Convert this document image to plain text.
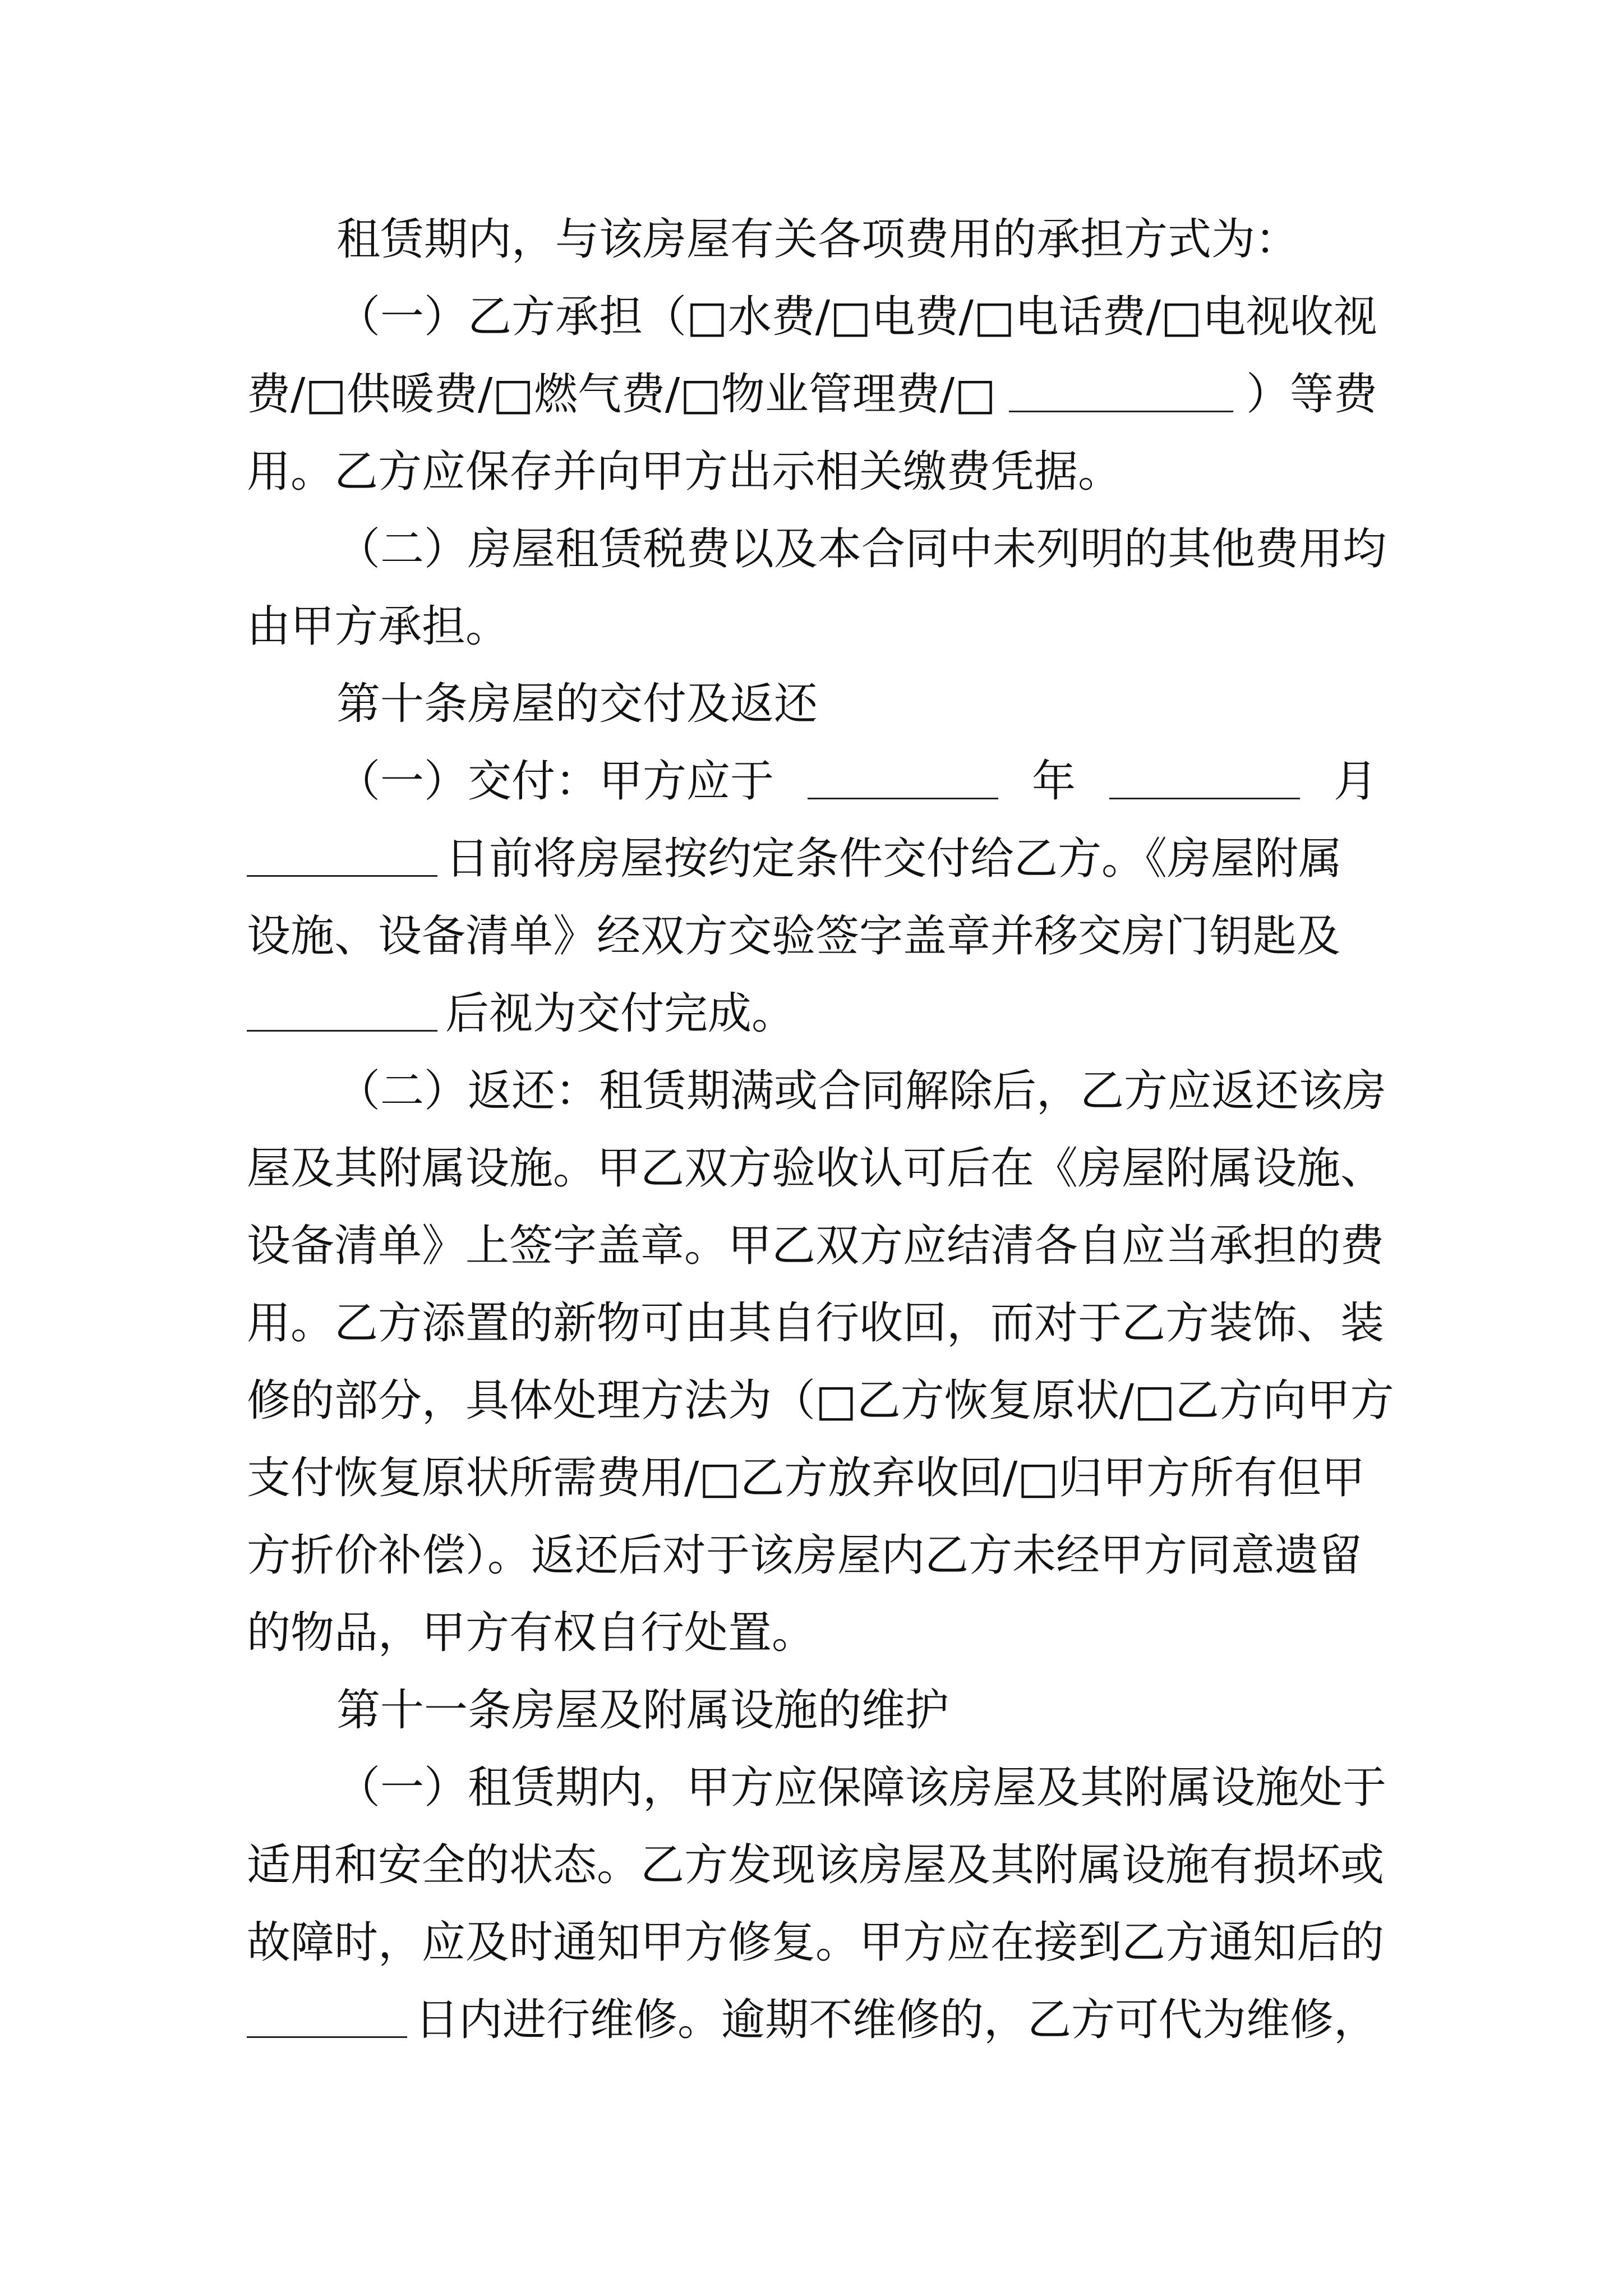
租赁期内，与该房屋有关各项费用的承担方式为：
（一）乙方承担（□水费/□电费/□电话费/□电视收视
费/□供暖费/□燃气费/□物业管理费/□	）等费
用。乙方应保存并向甲方出示相关缴费凭据。
（二）房屋租赁税费以及本合同中未列明的其他费用均
由甲方承担。
第十条房屋的交付及返还
（一）交付：甲方应于	年	月
日前将房屋按约定条件交付给乙方。《房屋附属
设施、设备清单》经双方交验签字盖章并移交房门钥匙及
后视为交付完成。
（二）返还：租赁期满或合同解除后，乙方应返还该房
屋及其附属设施。甲乙双方验收认可后在《房屋附属设施、
设备清单》上签字盖章。甲乙双方应结清各自应当承担的费
用。乙方添置的新物可由其自行收回，而对于乙方装饰、装
修的部分，具体处理方法为（□乙方恢复原状/□乙方向甲方
支付恢复原状所需费用/□乙方放弃收回/□归甲方所有但甲
方折价补偿）。返还后对于该房屋内乙方未经甲方同意遗留
的物品，甲方有权自行处置。
第十一条房屋及附属设施的维护
（一）租赁期内，甲方应保障该房屋及其附属设施处于
适用和安全的状态。乙方发现该房屋及其附属设施有损坏或
故障时，应及时通知甲方修复。甲方应在接到乙方通知后的
日内进行维修。逾期不维修的，乙方可代为维修，
